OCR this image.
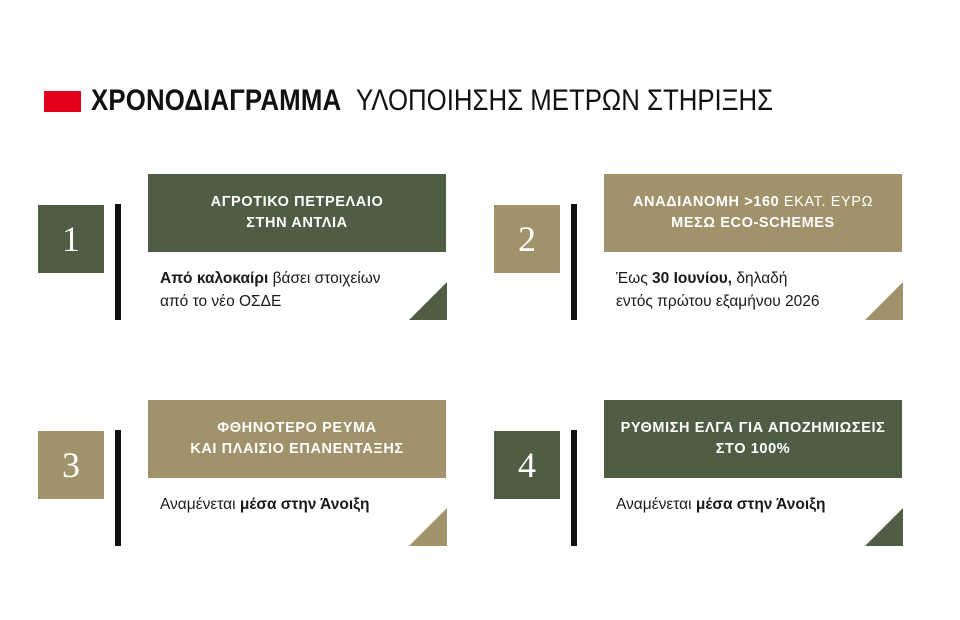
ΧΡΟΝΟΔΙΑΓΡΑΜΜΑ ΥΛΟΠΟΙΗΣΗΣ ΜΕΤΡΩΝ ΣΤΗΡΙΞΗΣ
1
ΑΓΡΟΤΙΚΟ ΠΕΤΡΕΛΑΙΟ
ΣΤΗΝ ΑΝΤΛΙΑ
Από καλοκαίρι βάσει στοιχείων
από το νέο ΟΣΔΕ
2
ΑΝΑΔΙΑΝΟΜΗ >160 ΕΚΑΤ. ΕΥΡΩ
ΜΕΣΩ ECO-SCHEMES
Έως 30 Ιουνίου, δηλαδή
εντός πρώτου εξαμήνου 2026
3
ΦΘΗΝΟΤΕΡΟ ΡΕΥΜΑ
ΚΑΙ ΠΛΑΙΣΙΟ ΕΠΑΝΕΝΤΑΞΗΣ
Αναμένεται μέσα στην Άνοιξη
4
ΡΥΘΜΙΣΗ ΕΛΓΑ ΓΙΑ ΑΠΟΖΗΜΙΩΣΕΙΣ
ΣΤΟ 100%
Αναμένεται μέσα στην Άνοιξη
